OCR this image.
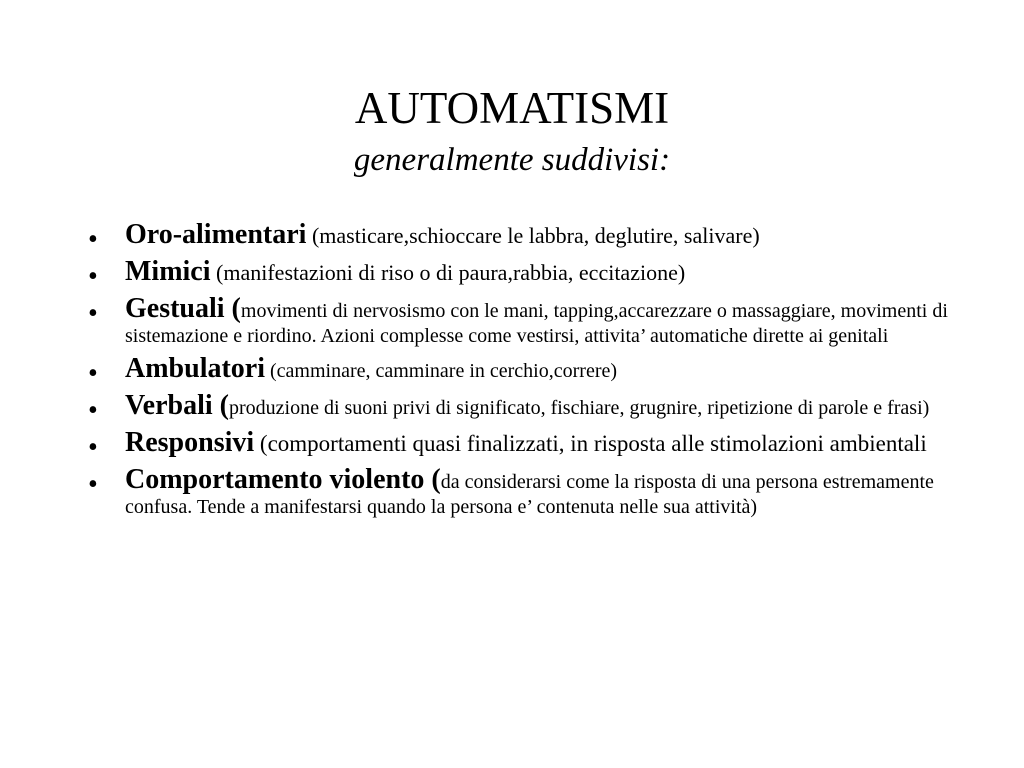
AUTOMATISMI
generalmente suddivisi:
• Oro-alimentari (masticare,schioccare le labbra, deglutire, salivare)
• Mimici (manifestazioni di riso o di paura,rabbia, eccitazione)
• Gestuali (movimenti di nervosismo con le mani, tapping,accarezzare o massaggiare, movimenti di sistemazione e riordino. Azioni complesse come vestirsi, attivita’ automatiche dirette ai genitali
• Ambulatori (camminare, camminare in cerchio,correre)
• Verbali (produzione di suoni privi di significato, fischiare, grugnire, ripetizione di parole e frasi)
• Responsivi (comportamenti quasi finalizzati, in risposta alle stimolazioni ambientali
• Comportamento violento (da considerarsi come la risposta di una persona estremamente confusa. Tende a manifestarsi quando la persona e’ contenuta nelle sua attività)
